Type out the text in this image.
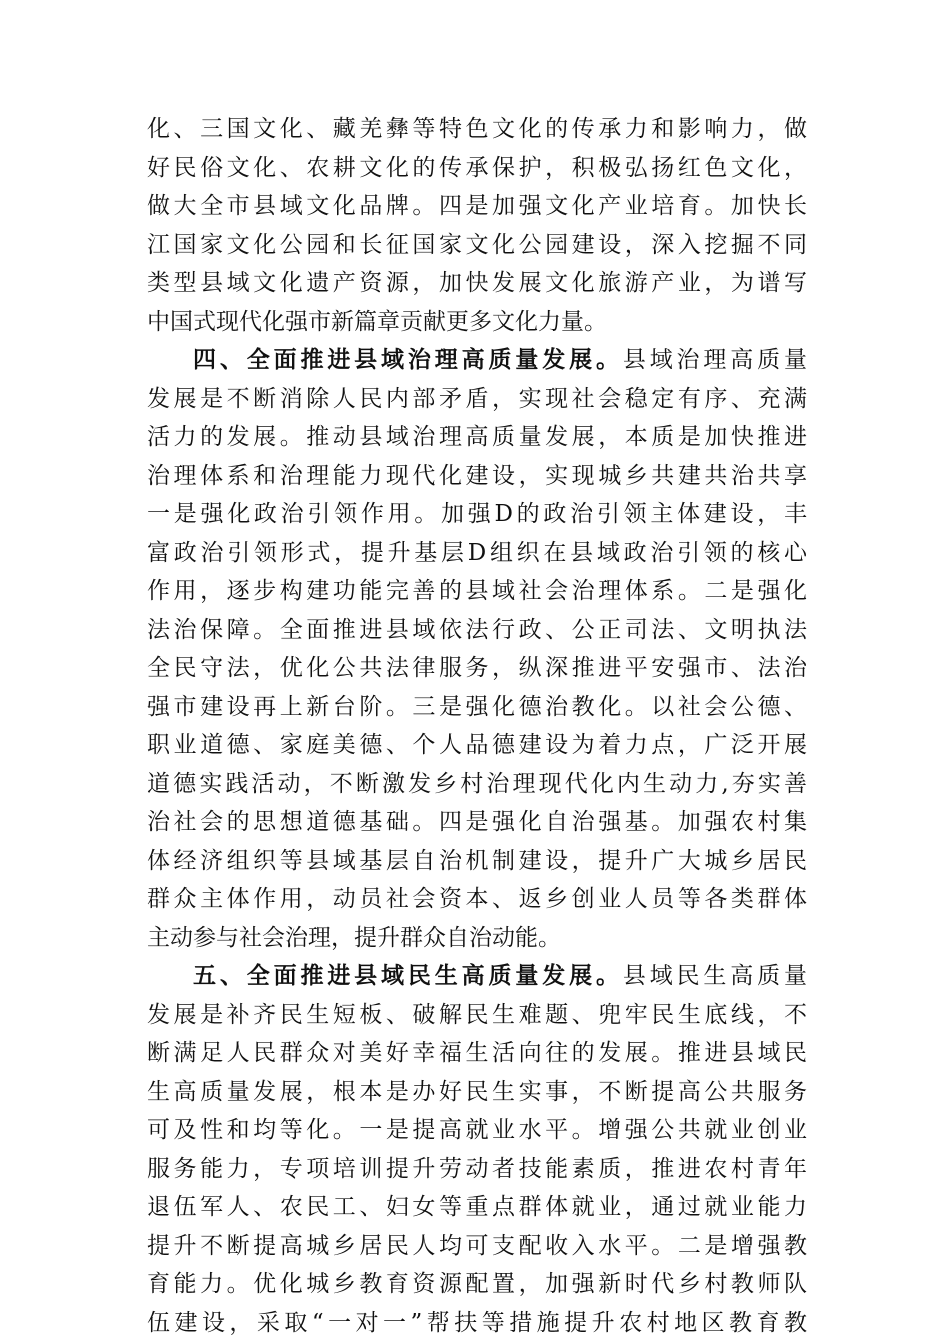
化、三国文化、藏羌彝等特色文化的传承力和影响力，做
好民俗文化、农耕文化的传承保护，积极弘扬红色文化，
做大全市县域文化品牌。四是加强文化产业培育。加快长
江国家文化公园和长征国家文化公园建设，深入挖掘不同
类型县域文化遗产资源，加快发展文化旅游产业，为谱写
中国式现代化强市新篇章贡献更多文化力量。
四、全面推进县域治理高质量发展。县域治理高质量
发展是不断消除人民内部矛盾，实现社会稳定有序、充满
活力的发展。推动县域治理高质量发展，本质是加快推进
治理体系和治理能力现代化建设，实现城乡共建共治共享
一是强化政治引领作用。加强D的政治引领主体建设，丰
富政治引领形式，提升基层D组织在县域政治引领的核心
作用，逐步构建功能完善的县域社会治理体系。二是强化
法治保障。全面推进县域依法行政、公正司法、文明执法
全民守法，优化公共法律服务，纵深推进平安强市、法治
强市建设再上新台阶。三是强化德治教化。以社会公德、
职业道德、家庭美德、个人品德建设为着力点，广泛开展
道德实践活动，不断激发乡村治理现代化内生动力,夯实善
治社会的思想道德基础。四是强化自治强基。加强农村集
体经济组织等县域基层自治机制建设，提升广大城乡居民
群众主体作用，动员社会资本、返乡创业人员等各类群体
主动参与社会治理，提升群众自治动能。
五、全面推进县域民生高质量发展。县域民生高质量
发展是补齐民生短板、破解民生难题、兜牢民生底线，不
断满足人民群众对美好幸福生活向往的发展。推进县域民
生高质量发展，根本是办好民生实事，不断提高公共服务
可及性和均等化。一是提高就业水平。增强公共就业创业
服务能力，专项培训提升劳动者技能素质，推进农村青年
退伍军人、农民工、妇女等重点群体就业，通过就业能力
提升不断提高城乡居民人均可支配收入水平。二是增强教
育能力。优化城乡教育资源配置，加强新时代乡村教师队
伍建设，采取“一对一”帮扶等措施提升农村地区教育教
